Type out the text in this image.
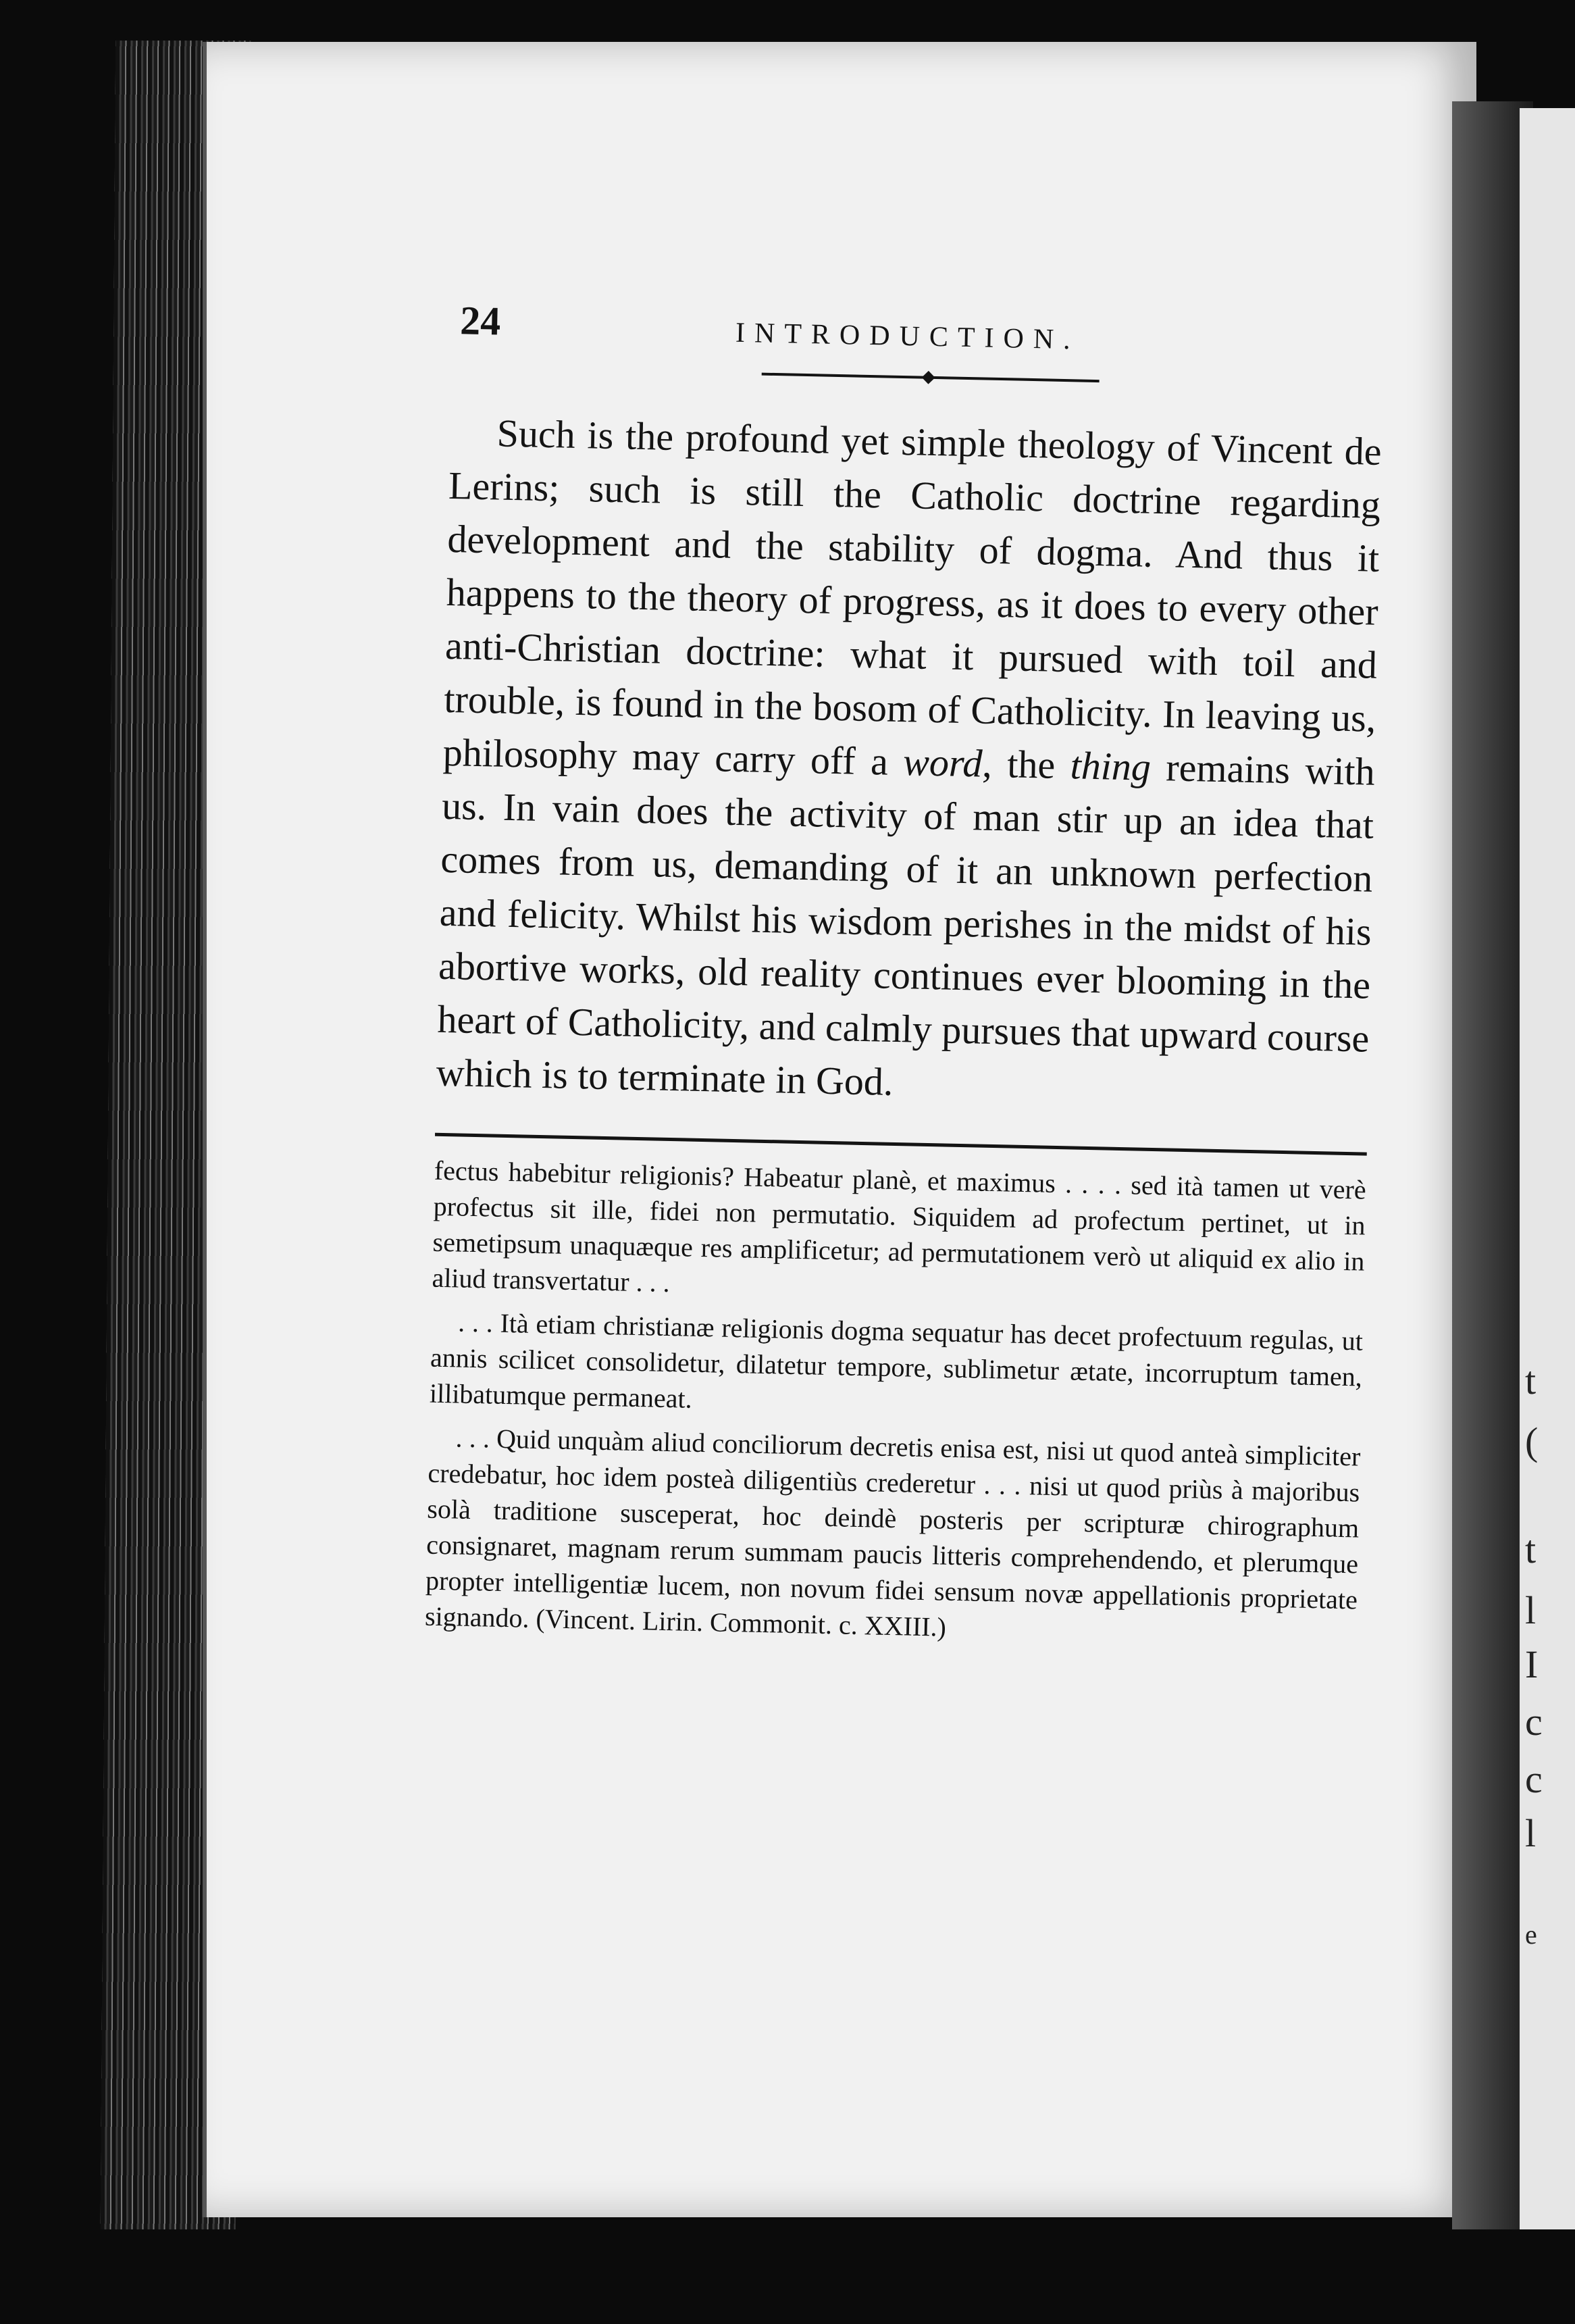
t
(
t
l
I
c
c
l
e
24	INTRODUCTION.

Such is the profound yet simple theology of Vincent de Lerins; such is still the Catholic doctrine regarding development and the stability of dogma. And thus it happens to the theory of progress, as it does to every other anti-Christian doctrine: what it pursued with toil and trouble, is found in the bosom of Catholicity. In leaving us, philosophy may carry off a word, the thing remains with us. In vain does the activity of man stir up an idea that comes from us, demanding of it an unknown perfection and felicity. Whilst his wisdom perishes in the midst of his abortive works, old reality continues ever blooming in the heart of Catholicity, and calmly pursues that upward course which is to terminate in God.

fectus habebitur religionis? Habeatur planè, et maximus . . . . sed ità tamen ut verè profectus sit ille, fidei non permutatio. Siquidem ad profectum pertinet, ut in semetipsum unaquæque res amplificetur; ad permutationem verò ut aliquid ex alio in aliud transvertatur . . .

. . . Ità etiam christianæ religionis dogma sequatur has decet profectuum regulas, ut annis scilicet consolidetur, dilatetur tempore, sublimetur ætate, incorruptum tamen, illibatumque permaneat.

. . . Quid unquàm aliud conciliorum decretis enisa est, nisi ut quod anteà simpliciter credebatur, hoc idem posteà diligentiùs crederetur . . . nisi ut quod priùs à majoribus solà traditione susceperat, hoc deindè posteris per scripturæ chirographum consignaret, magnam rerum summam paucis litteris comprehendendo, et plerumque propter intelligentiæ lucem, non novum fidei sensum novæ appellationis proprietate signando. (Vincent. Lirin. Commonit. c. XXIII.)
